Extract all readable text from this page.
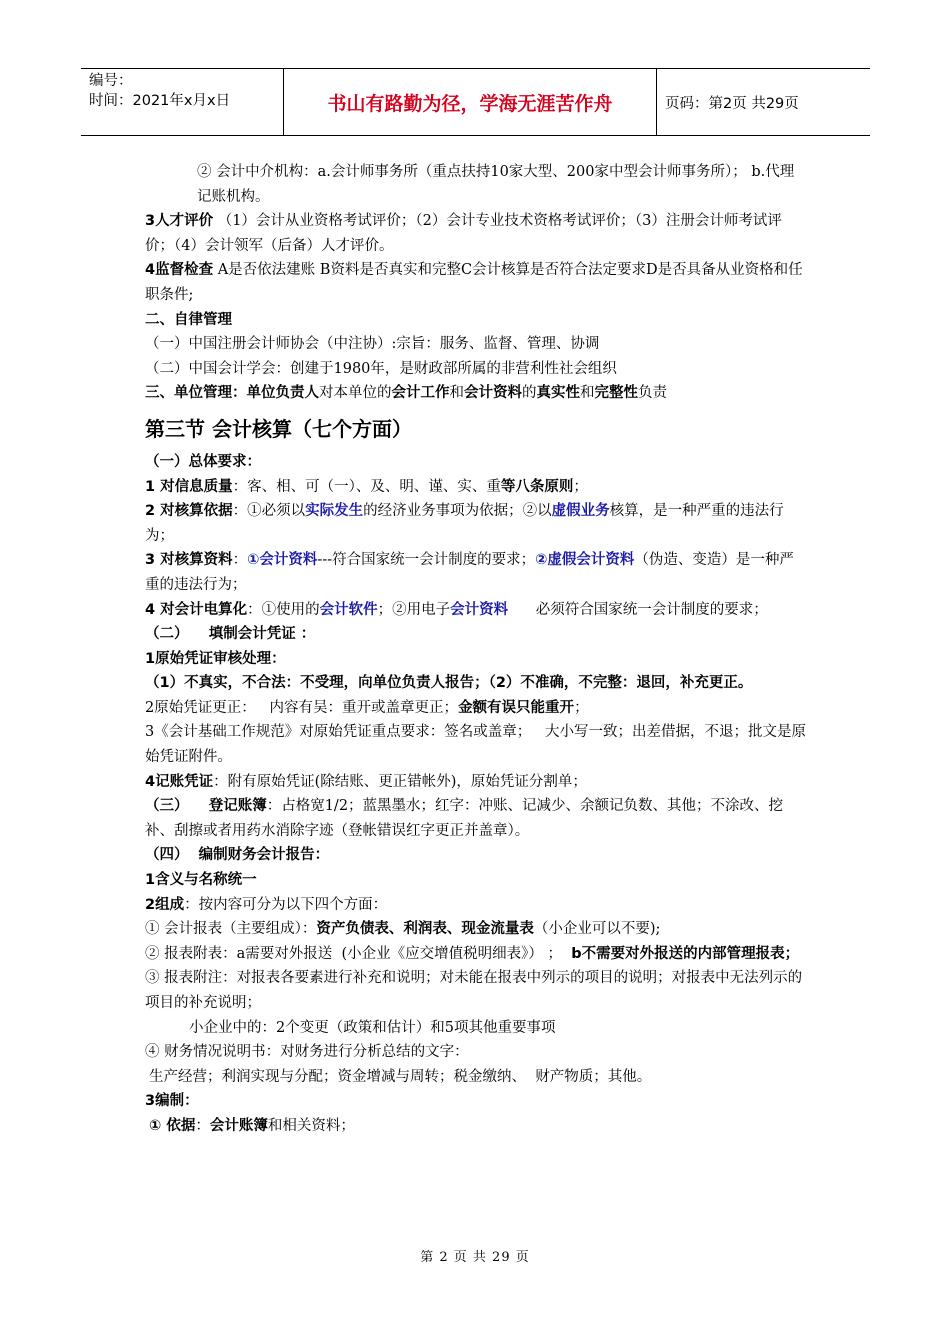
编号：
时间：2021年x月x日	书山有路勤为径，学海无涯苦作舟	页码：第2页 共29页

② 会计中介机构：a.会计师事务所（重点扶持10家大型、200家中型会计师事务所）； b.代理记账机构。

3人才评价 （1）会计从业资格考试评价；（2）会计专业技术资格考试评价；（3）注册会计师考试评价；（4）会计领军（后备）人才评价。

4监督检查 A是否依法建账 B资料是否真实和完整C会计核算是否符合法定要求D是否具备从业资格和任职条件;

二、自律管理

（一）中国注册会计师协会（中注协）:宗旨：服务、监督、管理、协调

（二）中国会计学会：创建于1980年，是财政部所属的非营利性社会组织

三、单位管理：单位负责人对本单位的会计工作和会计资料的真实性和完整性负责

第三节 会计核算（七个方面）

（一）总体要求：

1 对信息质量：客、相、可（一）、及、明、谨、实、重等八条原则；

2 对核算依据：①必须以实际发生的经济业务事项为依据；②以虚假业务核算，是一种严重的违法行为；

3 对核算资料：①会计资料---符合国家统一会计制度的要求；②虚假会计资料（伪造、变造）是一种严重的违法行为；

4 对会计电算化：①使用的会计软件；②用电子会计资料      必须符合国家统一会计制度的要求；

（二）    填制会计凭证 ：

1原始凭证审核处理：

（1）不真实，不合法：不受理，向单位负责人报告；（2）不准确，不完整：退回，补充更正。

2原始凭证更正：   内容有吴：重开或盖章更正；金额有误只能重开；

3《会计基础工作规范》对原始凭证重点要求：签名或盖章；   大小写一致；出差借据，不退；批文是原始凭证附件。

4记账凭证：附有原始凭证(除结账、更正错帐外)，原始凭证分割单；

（三）    登记账簿：占格宽1/2；蓝黑墨水；红字：冲账、记减少、余额记负数、其他；不涂改、挖补、刮擦或者用药水消除字迹（登帐错误红字更正并盖章）。

（四）  编制财务会计报告：

1含义与名称统一

2组成：按内容可分为以下四个方面：

① 会计报表（主要组成）：资产负债表、利润表、现金流量表（小企业可以不要);

② 报表附表：a需要对外报送  (小企业《应交增值税明细表》） ；  b不需要对外报送的内部管理报表；

③ 报表附注：对报表各要素进行补充和说明；对未能在报表中列示的项目的说明；对报表中无法列示的项目的补充说明；

小企业中的：2个变更（政策和估计）和5项其他重要事项

④ 财务情况说明书：对财务进行分析总结的文字：

生产经营；利润实现与分配；资金增减与周转；税金缴纳、  财产物质；其他。

3编制：

① 依据：会计账簿和相关资料；

第 2 页 共 29 页
